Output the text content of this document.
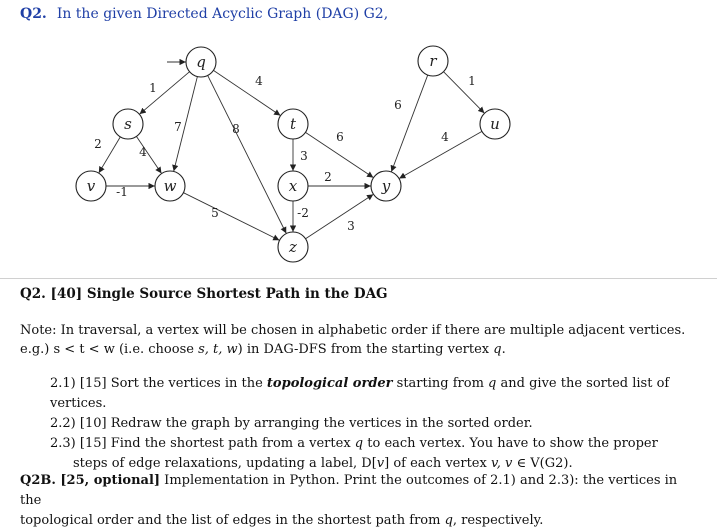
Q2. In the given Directed Acyclic Graph (DAG) G2,
1
7	8
4
2
4
-1
5
3
6
2
-2
3
6
1
4
q	r
s	t	u
v	w	x	y
z
Q2. [40] Single Source Shortest Path in the DAG
Note: In traversal, a vertex will be chosen in alphabetic order if there are multiple adjacent vertices.
e.g.) s < t < w (i.e. choose s, t, w) in DAG-DFS from the starting vertex q.
2.1) [15] Sort the vertices in the topological order starting from q and give the sorted list of vertices.
2.2) [10] Redraw the graph by arranging the vertices in the sorted order.
2.3) [15] Find the shortest path from a vertex q to each vertex. You have to show the proper
steps of edge relaxations, updating a label, D[v] of each vertex v, v ∈ V(G2).
Q2B. [25, optional] Implementation in Python. Print the outcomes of 2.1) and 2.3): the vertices in the
topological order and the list of edges in the shortest path from q, respectively.
